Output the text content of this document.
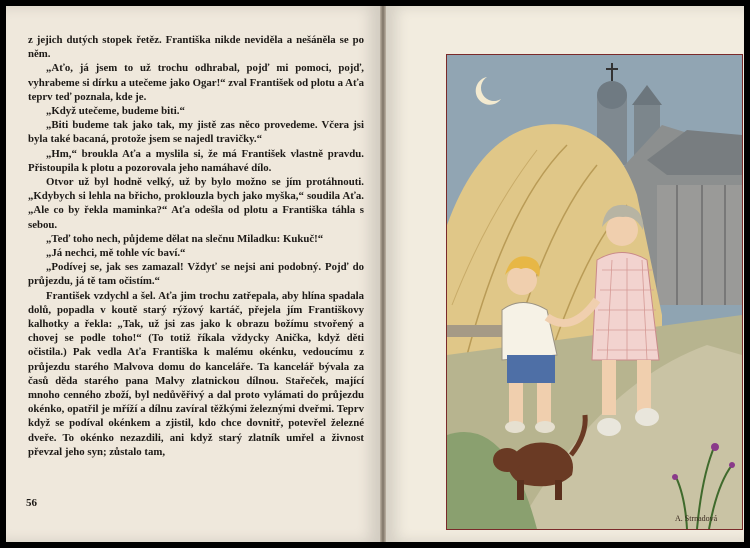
z jejich dutých stopek řetěz. Františka nikde neviděla a nešáněla se po něm.

„Aťo, já jsem to už trochu odhrabal, pojď mi pomoci, pojď, vyhrabeme si dírku a utečeme jako Ogar!“ zval František od plotu a Aťa teprv teď poznala, kde je.

„Když utečeme, budeme biti.“

„Biti budeme tak jako tak, my jistě zas něco provedeme. Včera jsi byla také bacaná, protože jsem se najedl travičky.“

„Hm,“ broukla Aťa a myslila si, že má František vlastně pravdu. Přistoupila k plotu a pozorovala jeho namáhavé dílo.

Otvor už byl hodně velký, už by bylo možno se jím protáhnouti. „Kdybych si lehla na břicho, proklouzla bych jako myška,“ soudila Aťa. „Ale co by řekla maminka?“ Aťa odešla od plotu a Františka táhla s sebou.

„Teď toho nech, půjdeme dělat na slečnu Miladku: Kukuč!“

„Já nechci, mě tohle víc baví.“

„Podívej se, jak ses zamazal! Vždyť se nejsi ani podobný. Pojď do průjezdu, já tě tam očistím.“

František vzdychl a šel. Aťa jim trochu zatřepala, aby hlína spadala dolů, popadla v koutě starý rýžový kartáč, přejela jím Františkovy kalhotky a řekla: „Tak, už jsi zas jako k obrazu božímu stvořený a chovej se podle toho!“ (To totiž říkala vždycky Anička, když děti očistila.) Pak vedla Aťa Františka k malému okénku, vedoucímu z průjezdu starého Malvova domu do kanceláře. Ta kancelář bývala za časů děda starého pana Malvy zlatnickou dílnou. Stařeček, mající mnoho cenného zboží, byl nedůvěřivý a dal proto vylámati do průjezdu okénko, opatřil je mříží a dílnu zavíral těžkými železnými dveřmi. Teprv když se podíval okénkem a zjistil, kdo chce dovnitř, potevřel železné dveře. To okénko nezazdili, ani když starý zlatník umřel a živnost převzal jeho syn; zůstalo tam,

56
A. Strnadová
